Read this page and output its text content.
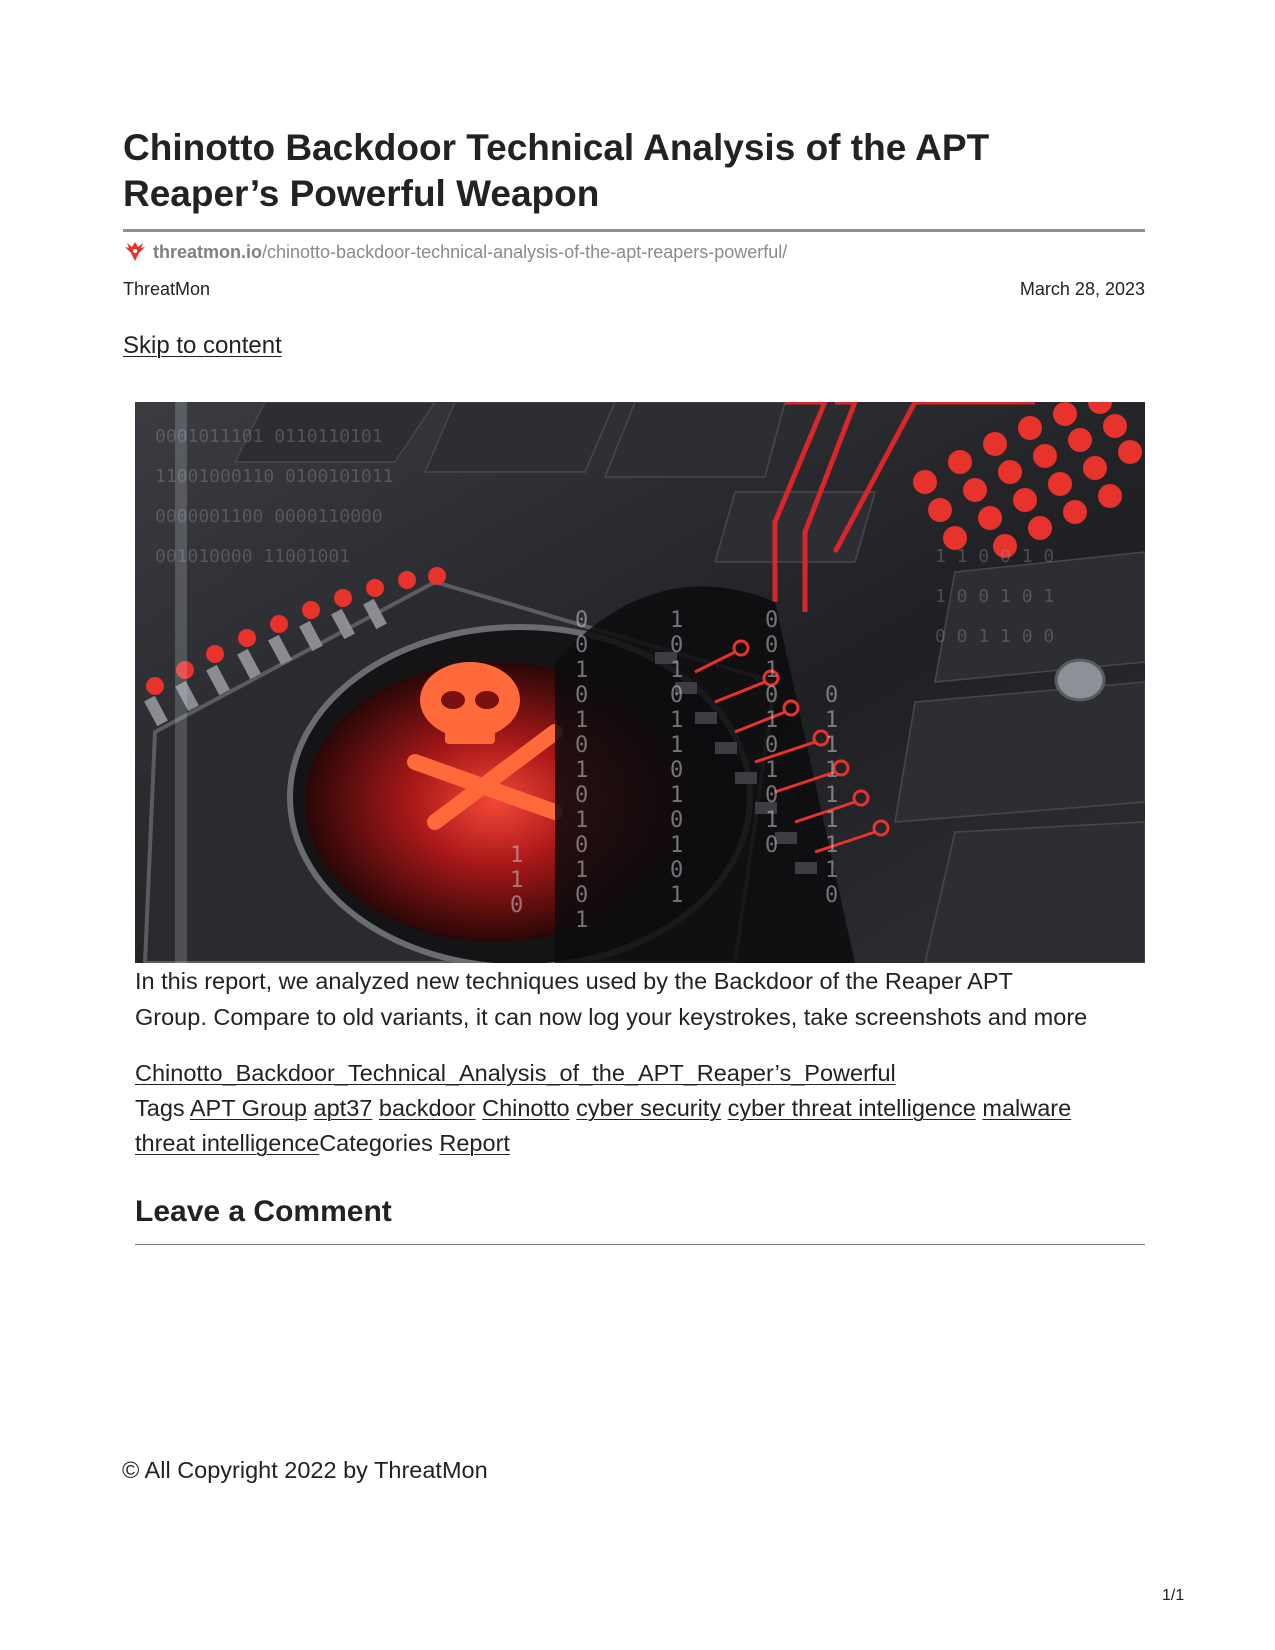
Chinotto Backdoor Technical Analysis of the APT
Reaper’s Powerful Weapon
threatmon.io /chinotto-backdoor-technical-analysis-of-the-apt-reapers-powerful/
ThreatMon	March 28, 2023
Skip to content
0
0
1
0
1
0
1
0
1
0
1
0
1
1
1
0
1
0
1
0
1
1
0
1
0
1
0
1
0
0
1
0
1
0
1
0
1
0
0
1
1
1
1
1
1
1
0
0001011101 0110110101
11001000110 0100101011
0000001100 0000110000
001010000 11001001	1 1 0 0 1 0
1 0 0 1 0 1
0 0 1 1 0 0

In this report, we analyzed new techniques used by the Backdoor of the Reaper APT
Group. Compare to old variants, it can now log your keystrokes, take screenshots and more

Chinotto_Backdoor_Technical_Analysis_of_the_APT_Reaper’s_Powerful

Tags APT Group apt37 backdoor Chinotto cyber security cyber threat intelligence malware threat intelligenceCategories Report

Leave a Comment
© All Copyright 2022 by ThreatMon
1/1
